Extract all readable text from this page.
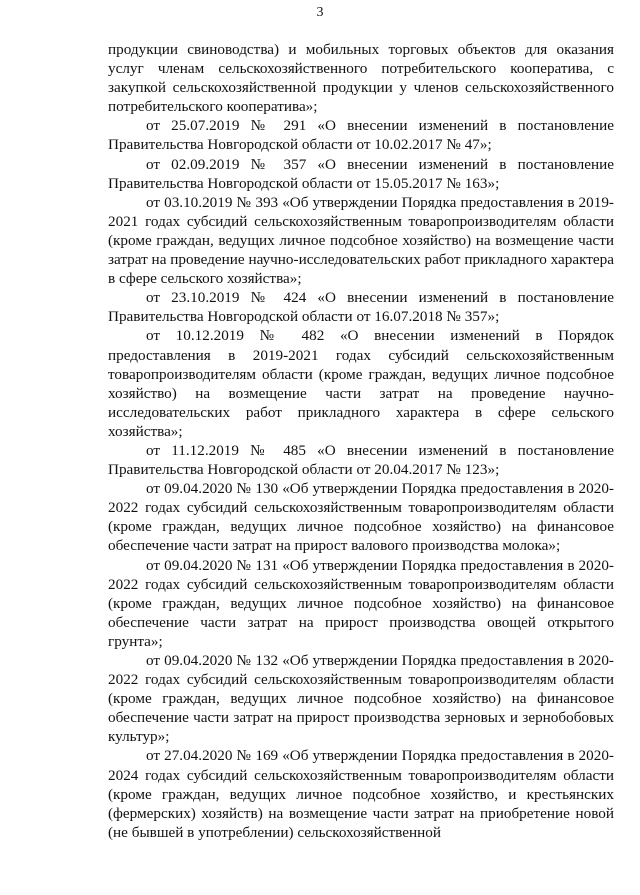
3

продукции свиноводства) и мобильных торговых объектов для оказания услуг членам сельскохозяйственного потребительского кооператива, с закупкой сельскохозяйственной продукции у членов сельскохозяйственного потребительского кооператива»;

от 25.07.2019 № 291 «О внесении изменений в постановление Правительства Новгородской области от 10.02.2017 № 47»;

от 02.09.2019 № 357 «О внесении изменений в постановление Правительства Новгородской области от 15.05.2017 № 163»;

от 03.10.2019 № 393 «Об утверждении Порядка предоставления в 2019-2021 годах субсидий сельскохозяйственным товаропроизводителям области (кроме граждан, ведущих личное подсобное хозяйство) на возмещение части затрат на проведение научно-исследовательских работ прикладного характера в сфере сельского хозяйства»;

от 23.10.2019 № 424 «О внесении изменений в постановление Правительства Новгородской области от 16.07.2018 № 357»;

от 10.12.2019 № 482 «О внесении изменений в Порядок предоставления в 2019-2021 годах субсидий сельскохозяйственным товаропроизводителям области (кроме граждан, ведущих личное подсобное хозяйство) на возмещение части затрат на проведение научно-исследовательских работ прикладного характера в сфере сельского хозяйства»;

от 11.12.2019 № 485 «О внесении изменений в постановление Правительства Новгородской области от 20.04.2017 № 123»;

от 09.04.2020 № 130 «Об утверждении Порядка предоставления в 2020-2022 годах субсидий сельскохозяйственным товаропроизводителям области (кроме граждан, ведущих личное подсобное хозяйство) на финансовое обеспечение части затрат на прирост валового производства молока»;

от 09.04.2020 № 131 «Об утверждении Порядка предоставления в 2020-2022 годах субсидий сельскохозяйственным товаропроизводителям области (кроме граждан, ведущих личное подсобное хозяйство) на финансовое обеспечение части затрат на прирост производства овощей открытого грунта»;

от 09.04.2020 № 132 «Об утверждении Порядка предоставления в 2020-2022 годах субсидий сельскохозяйственным товаропроизводителям области (кроме граждан, ведущих личное подсобное хозяйство) на финансовое обеспечение части затрат на прирост производства зерновых и зернобобовых культур»;

от 27.04.2020 № 169 «Об утверждении Порядка предоставления в 2020-2024 годах субсидий сельскохозяйственным товаропроизводителям области (кроме граждан, ведущих личное подсобное хозяйство, и крестьянских (фермерских) хозяйств) на возмещение части затрат на приобретение новой (не бывшей в употреблении) сельскохозяйственной
